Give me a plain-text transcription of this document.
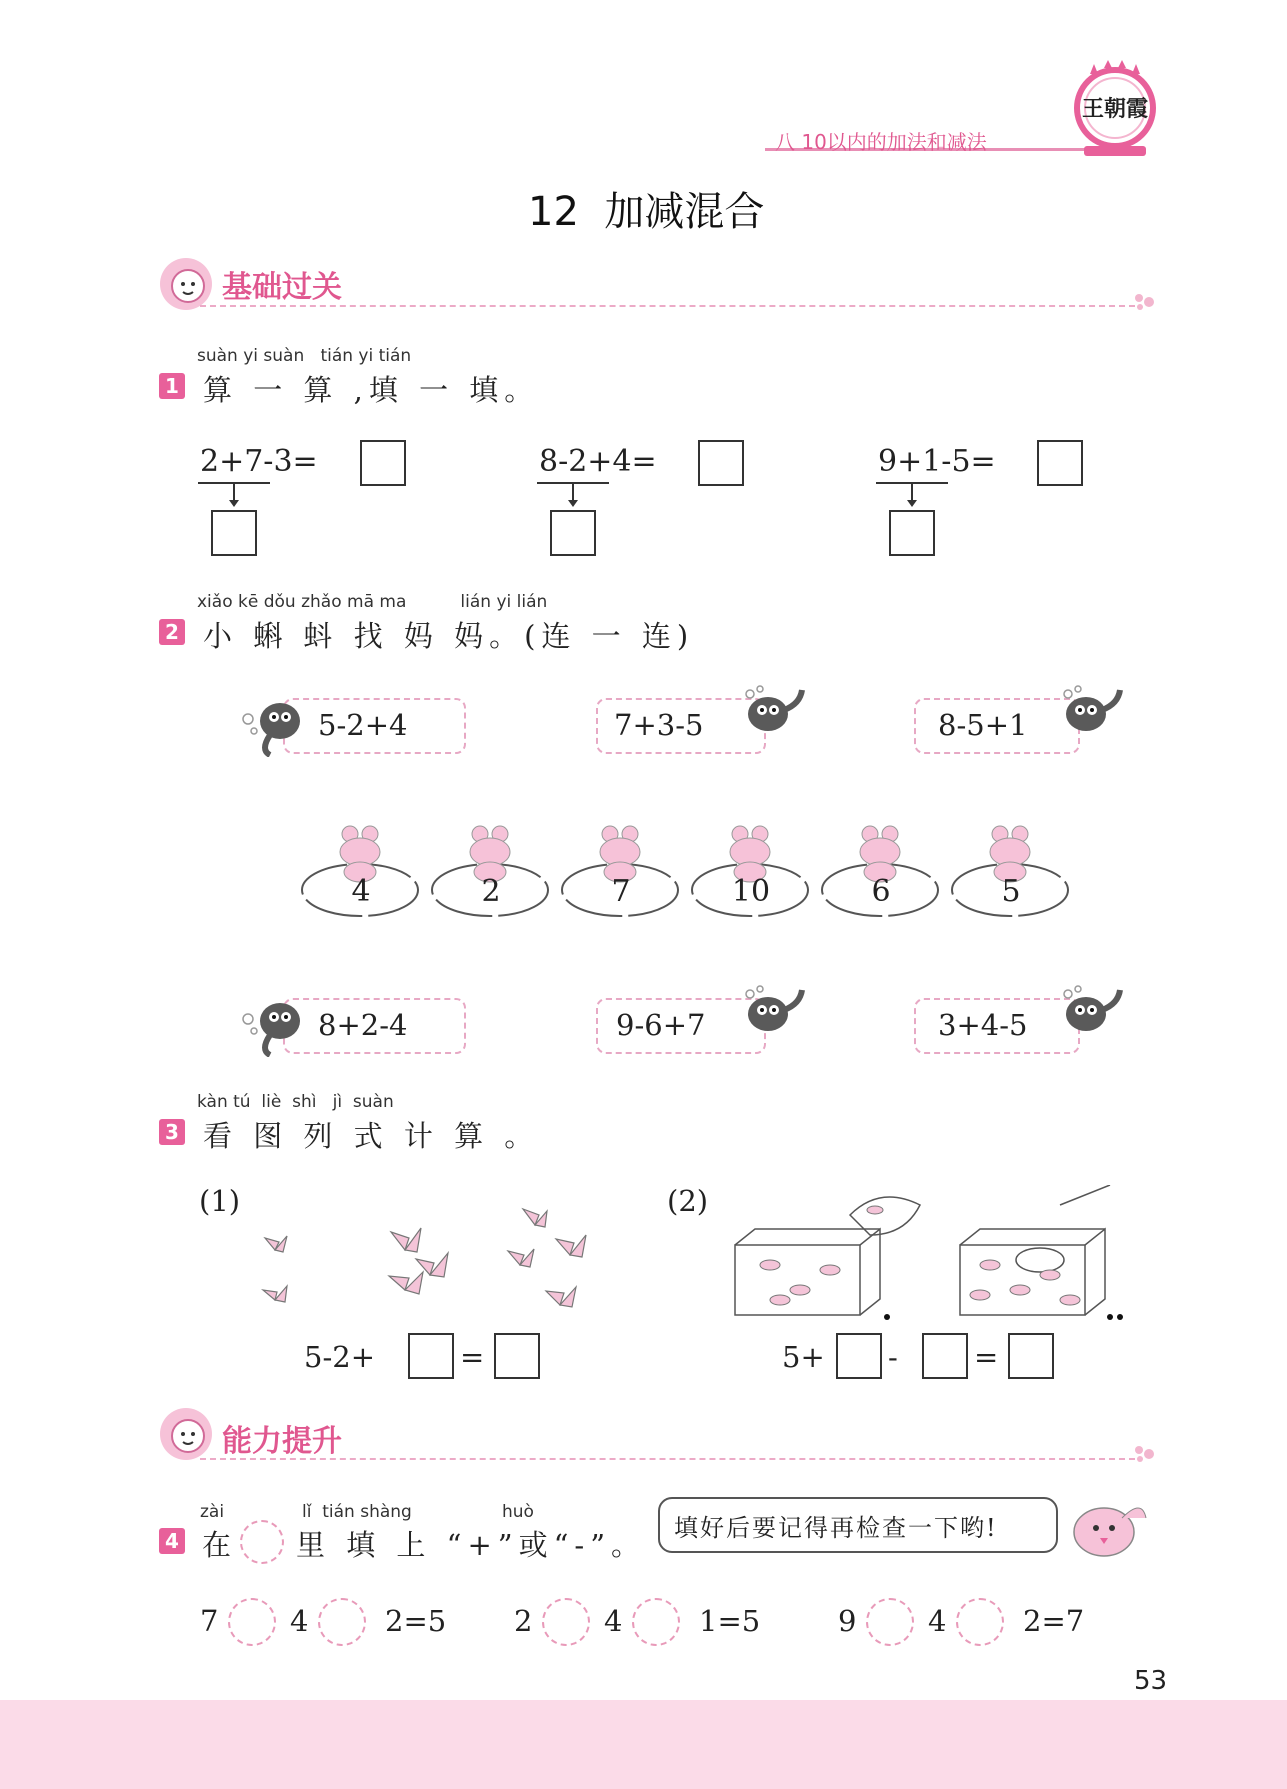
八 10以内的加法和减法
王朝霞
12  加减混合
基础过关
suàn yi suàn   tián yi tián
1 算 一 算 ,填 一 填。
2+7-3=	8-2+4=	9+1-5=
xiǎo kē dǒu zhǎo mā ma          lián yi lián
2 小 蝌 蚪 找 妈 妈。(连 一 连)
5-2+4	7+3-5	8-5+1
4	2	7	10	6	5
8+2-4	9-6+7	3+4-5
kàn tú  liè  shì   jì  suàn
3 看 图 列 式 计 算 。
(1)	(2)
5-2+	=	5+ -	=
能力提升
zài	lǐ  tián shàng	huò
4 在 里 填 上 “+”或“-”。 填好后要记得再检查一下哟!
7 4	2=5 2 4	1=5	9 4	2=7
53
